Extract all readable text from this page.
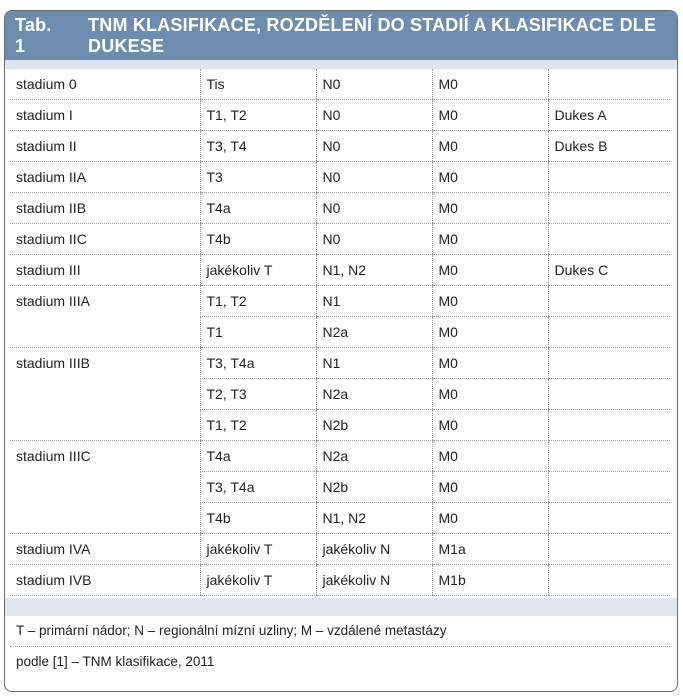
Tab. 1
TNM KLASIFIKACE, ROZDĚLENÍ DO STADIÍ A KLASIFIKACE DLE DUKESE
stadium 0	Tis	N0	M0	
stadium I	T1, T2	N0	M0	Dukes A
stadium II	T3, T4	N0	M0	Dukes B
stadium IIA	T3	N0	M0	
stadium IIB	T4a	N0	M0	
stadium IIC	T4b	N0	M0	
stadium III	jakékoliv T	N1, N2	M0	Dukes C
stadium IIIA	T1, T2	N1	M0	
	T1	N2a	M0	
stadium IIIB	T3, T4a	N1	M0	
	T2, T3	N2a	M0	
	T1, T2	N2b	M0	
stadium IIIC	T4a	N2a	M0	
	T3, T4a	N2b	M0	
	T4b	N1, N2	M0	
stadium IVA	jakékoliv T	jakékoliv N	M1a	
stadium IVB	jakékoliv T	jakékoliv N	M1b	
T – primární nádor; N – regionální mízní uzliny; M – vzdálené metastázy
podle [1] – TNM klasifikace, 2011
